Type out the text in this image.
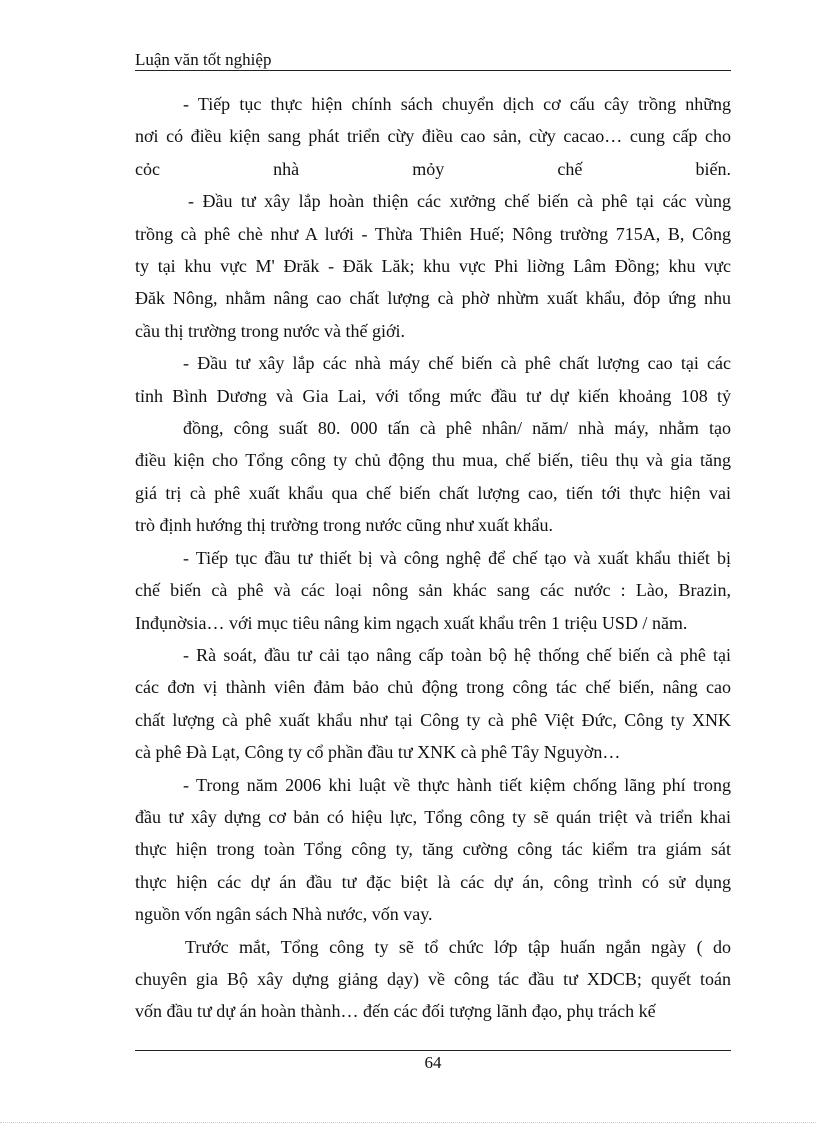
Luận văn tốt nghiệp
- Tiếp tục thực hiện chính sách chuyển dịch cơ cấu cây trồng những
nơi có điều kiện sang phát triển cừy điều cao sản, cừy cacao… cung cấp cho
cỏc nhà mỏy chế biến.
- Đầu tư xây lắp hoàn thiện các xưởng chế biến cà phê tại các vùng
trồng cà phê chè như A lưới - Thừa Thiên Huế; Nông trường 715A, B, Công
ty tại khu vực M' Đrăk - Đăk Lăk; khu vực Phi liờng Lâm Đồng; khu vực
Đăk Nông, nhằm nâng cao chất lượng cà phờ nhừm xuất khẩu, đỏp ứng nhu
cầu thị trường trong nước và thế giới.
- Đầu tư xây lắp các nhà máy chế biến cà phê chất lượng cao tại các
tỉnh Bình Dương và Gia Lai, với tổng mức đầu tư dự kiến khoảng 108 tỷ
đồng, công suất 80. 000 tấn cà phê nhân/ năm/ nhà máy, nhằm tạo
điều kiện cho Tổng công ty chủ động thu mua, chế biến, tiêu thụ và gia tăng
giá trị cà phê xuất khẩu qua chế biến chất lượng cao, tiến tới thực hiện vai
trò định hướng thị trường trong nước cũng như xuất khẩu.
- Tiếp tục đầu tư thiết bị và công nghệ để chế tạo và xuất khẩu thiết bị
chế biến cà phê và các loại nông sản khác sang các nước : Lào, Brazin,
Inđụnờsia… với mục tiêu nâng kim ngạch xuất khẩu trên 1 triệu USD / năm.
- Rà soát, đầu tư cải tạo nâng cấp toàn bộ hệ thống chế biến cà phê tại
các đơn vị thành viên đảm bảo chủ động trong công tác chế biến, nâng cao
chất lượng cà phê xuất khẩu như tại Công ty cà phê Việt Đức, Công ty XNK
cà phê Đà Lạt, Công ty cổ phần đầu tư XNK cà phê Tây Nguyờn…
- Trong năm 2006 khi luật về thực hành tiết kiệm chống lãng phí trong
đầu tư xây dựng cơ bản có hiệu lực, Tổng công ty sẽ quán triệt và triển khai
thực hiện trong toàn Tổng công ty, tăng cường công tác kiểm tra giám sát
thực hiện các dự án đầu tư đặc biệt là các dự án, công trình có sử dụng
nguồn vốn ngân sách Nhà nước, vốn vay.
Trước mắt, Tổng công ty sẽ tổ chức lớp tập huấn ngắn ngày ( do
chuyên gia Bộ xây dựng giảng dạy) về công tác đầu tư XDCB; quyết toán
vốn đầu tư dự án hoàn thành… đến các đối tượng lãnh đạo, phụ trách kế
64
